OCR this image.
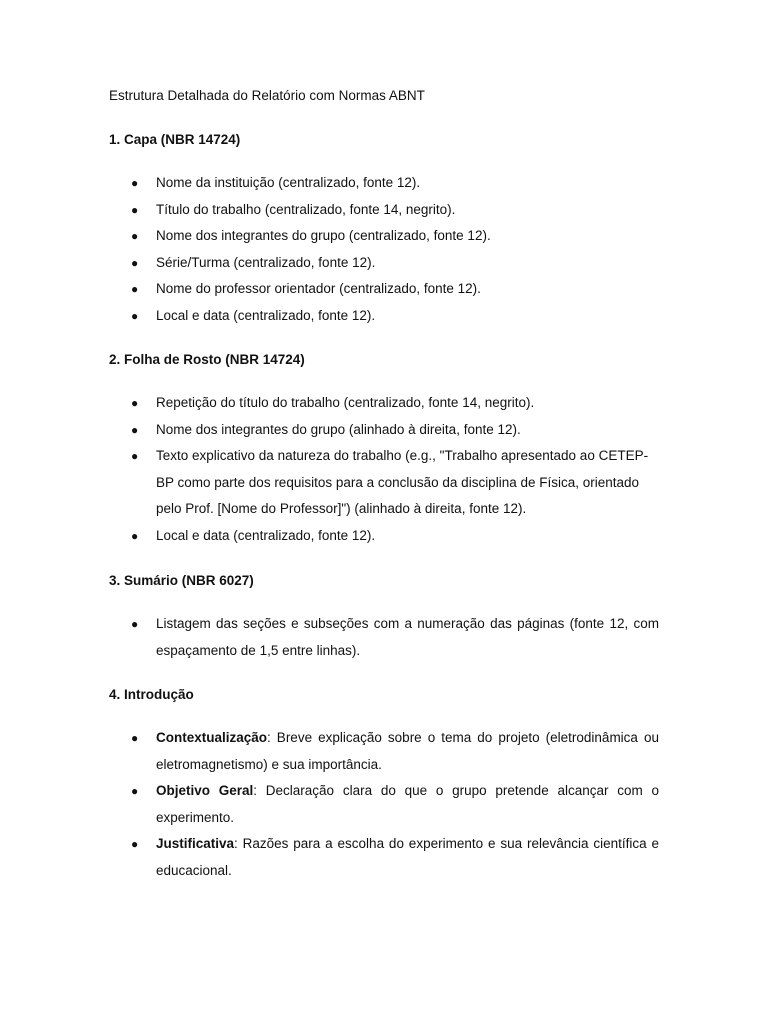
Estrutura Detalhada do Relatório com Normas ABNT
1. Capa (NBR 14724)
● Nome da instituição (centralizado, fonte 12).
● Título do trabalho (centralizado, fonte 14, negrito).
● Nome dos integrantes do grupo (centralizado, fonte 12).
● Série/Turma (centralizado, fonte 12).
● Nome do professor orientador (centralizado, fonte 12).
● Local e data (centralizado, fonte 12).
2. Folha de Rosto (NBR 14724)
● Repetição do título do trabalho (centralizado, fonte 14, negrito).
● Nome dos integrantes do grupo (alinhado à direita, fonte 12).
● Texto explicativo da natureza do trabalho (e.g., "Trabalho apresentado ao CETEP-BP como parte dos requisitos para a conclusão da disciplina de Física, orientado pelo Prof. [Nome do Professor]") (alinhado à direita, fonte 12).
● Local e data (centralizado, fonte 12).
3. Sumário (NBR 6027)
● Listagem das seções e subseções com a numeração das páginas (fonte 12, com espaçamento de 1,5 entre linhas).
4. Introdução
● Contextualização: Breve explicação sobre o tema do projeto (eletrodinâmica ou eletromagnetismo) e sua importância.
● Objetivo Geral: Declaração clara do que o grupo pretende alcançar com o experimento.
● Justificativa: Razões para a escolha do experimento e sua relevância científica e educacional.
